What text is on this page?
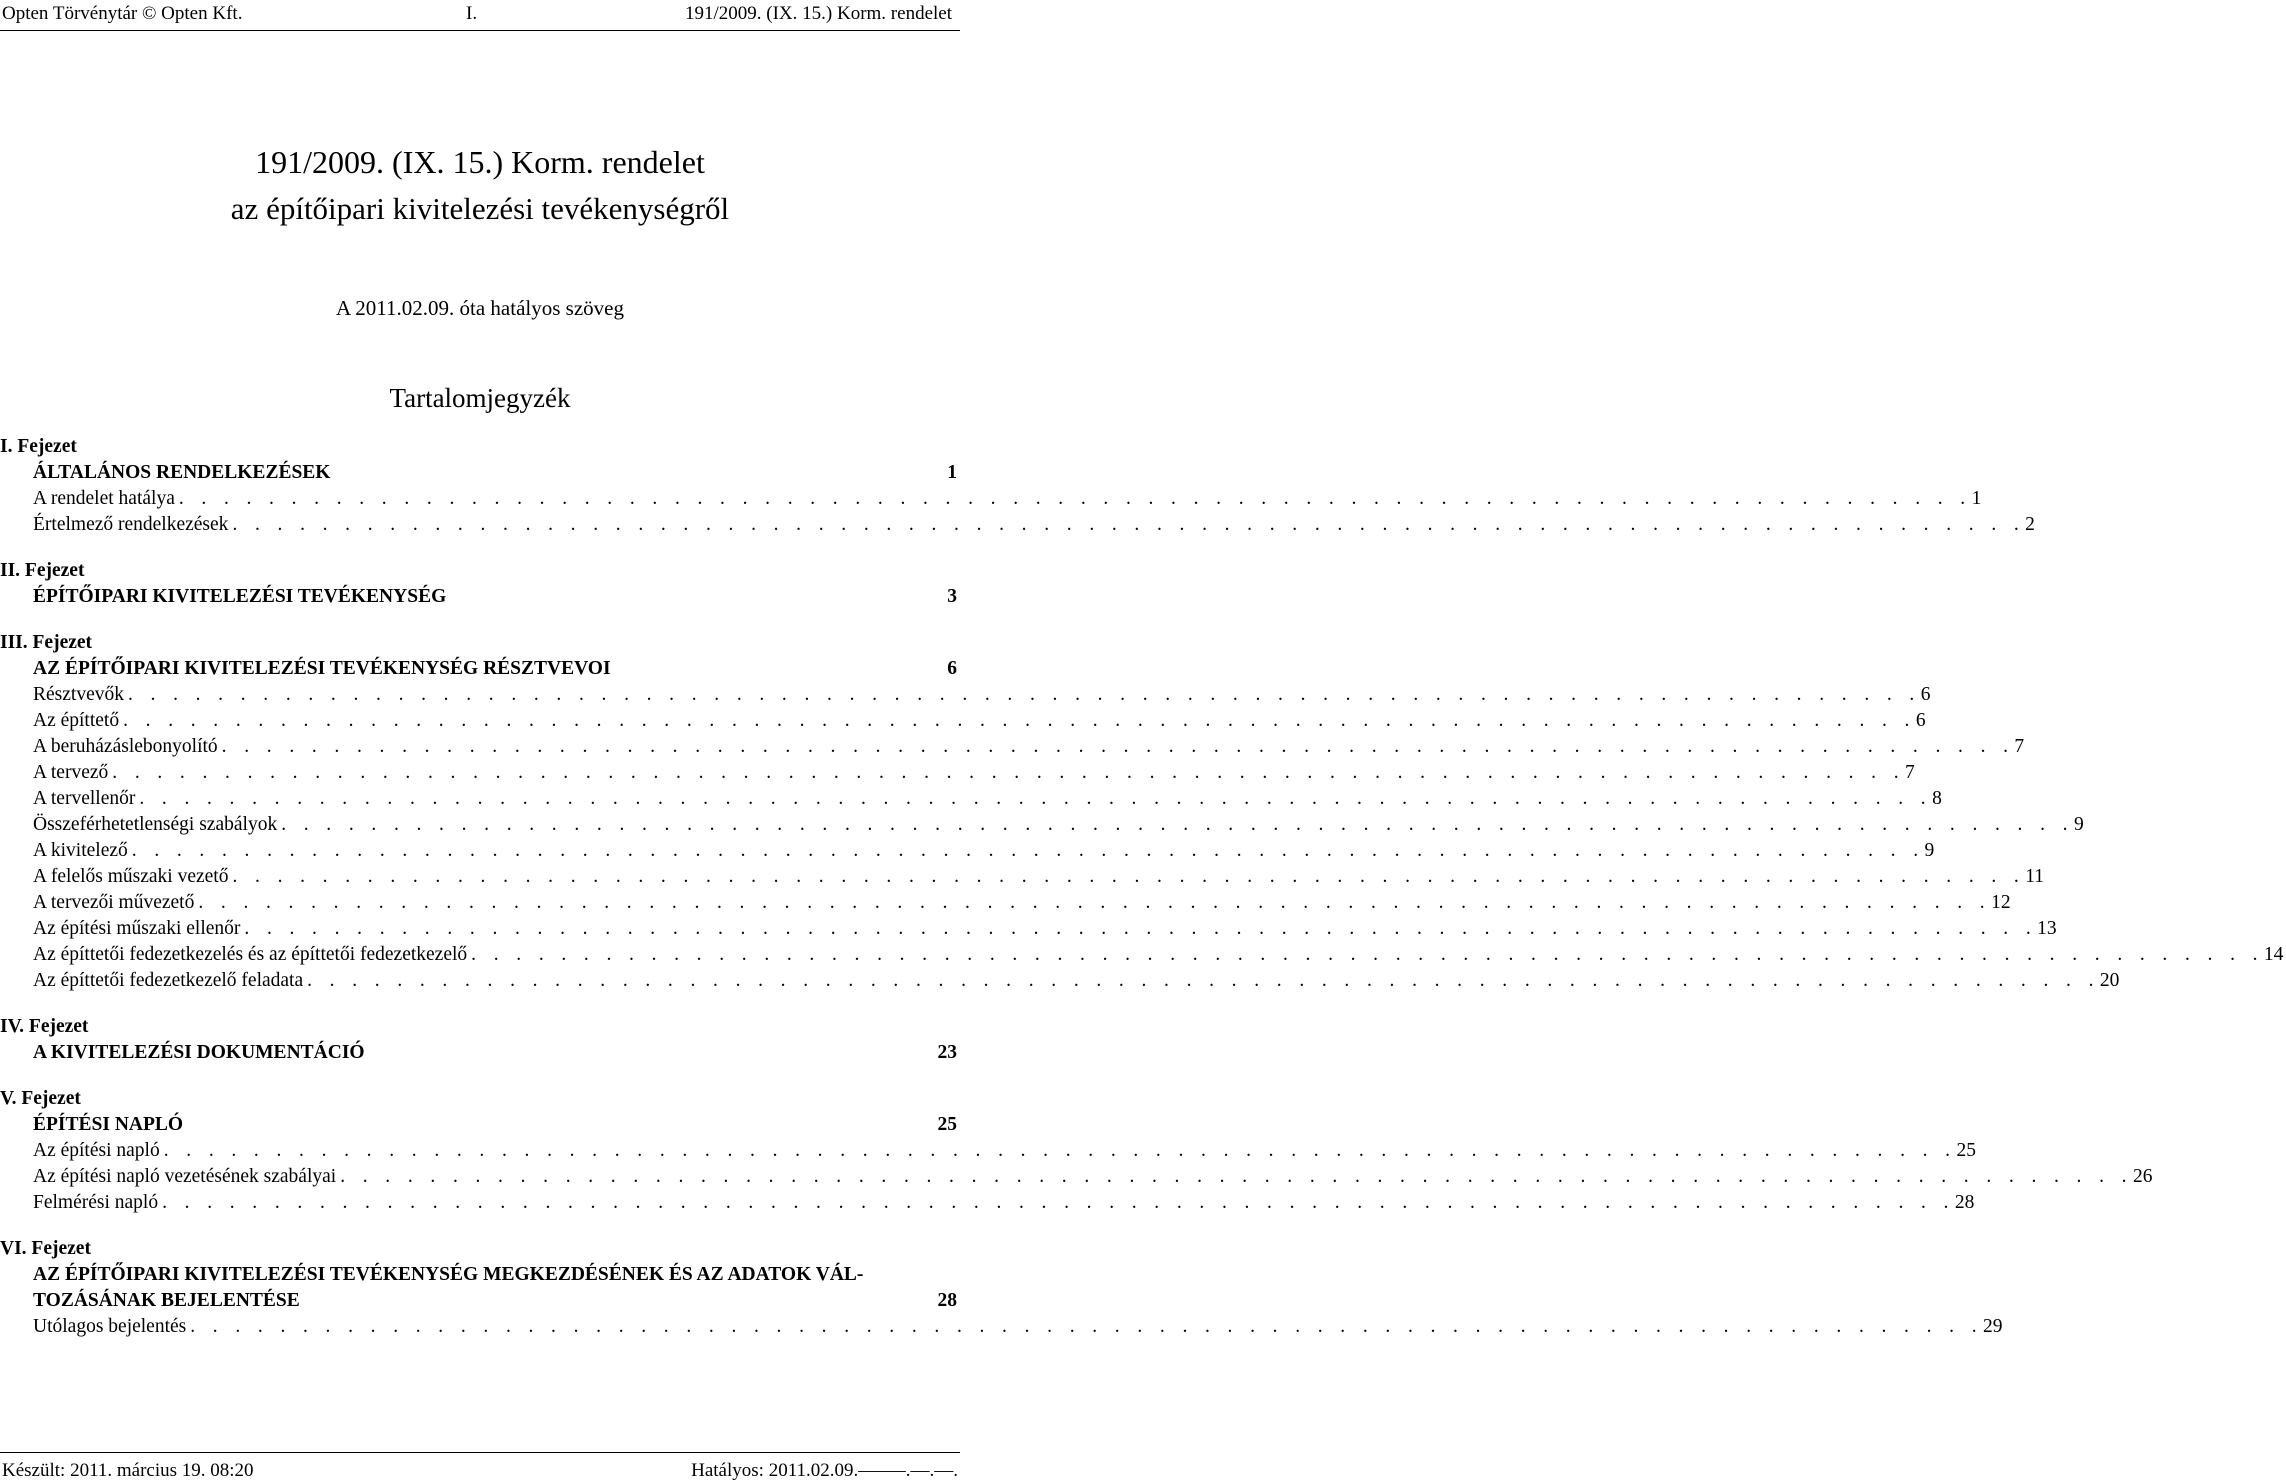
Opten Törvénytár © Opten Kft.	I.	191/2009. (IX. 15.) Korm. rendelet
191/2009. (IX. 15.) Korm. rendelet
az építőipari kivitelezési tevékenységről
A 2011.02.09. óta hatályos szöveg
Tartalomjegyzék
I. Fejezet
ÁLTALÁNOS RENDELKEZÉSEK	1
A rendelet hatálya . . . . . . . . . . . . . . . . . . . . . . . . . . . . . . . . . . . . . . . . . . . . . . . . . . . . . . . . . . . . . . . . . . . . . . . . . . . . . . . . 1
Értelmező rendelkezések . . . . . . . . . . . . . . . . . . . . . . . . . . . . . . . . . . . . . . . . . . . . . . . . . . . . . . . . . . . . . . . . . . . . . . . . . . . . . . . . 2
II. Fejezet
ÉPÍTŐIPARI KIVITELEZÉSI TEVÉKENYSÉG	3
III. Fejezet
AZ ÉPÍTŐIPARI KIVITELEZÉSI TEVÉKENYSÉG RÉSZTVEVOI	6
Résztvevők . . . . . . . . . . . . . . . . . . . . . . . . . . . . . . . . . . . . . . . . . . . . . . . . . . . . . . . . . . . . . . . . . . . . . . . . . . . . . . . . 6
Az építtető . . . . . . . . . . . . . . . . . . . . . . . . . . . . . . . . . . . . . . . . . . . . . . . . . . . . . . . . . . . . . . . . . . . . . . . . . . . . . . . . 6
A beruházáslebonyolító . . . . . . . . . . . . . . . . . . . . . . . . . . . . . . . . . . . . . . . . . . . . . . . . . . . . . . . . . . . . . . . . . . . . . . . . . . . . . . . . 7
A tervező . . . . . . . . . . . . . . . . . . . . . . . . . . . . . . . . . . . . . . . . . . . . . . . . . . . . . . . . . . . . . . . . . . . . . . . . . . . . . . . . 7
A tervellenőr . . . . . . . . . . . . . . . . . . . . . . . . . . . . . . . . . . . . . . . . . . . . . . . . . . . . . . . . . . . . . . . . . . . . . . . . . . . . . . . . 8
Összeférhetetlenségi szabályok . . . . . . . . . . . . . . . . . . . . . . . . . . . . . . . . . . . . . . . . . . . . . . . . . . . . . . . . . . . . . . . . . . . . . . . . . . . . . . . . 9
A kivitelező . . . . . . . . . . . . . . . . . . . . . . . . . . . . . . . . . . . . . . . . . . . . . . . . . . . . . . . . . . . . . . . . . . . . . . . . . . . . . . . . 9
A felelős műszaki vezető . . . . . . . . . . . . . . . . . . . . . . . . . . . . . . . . . . . . . . . . . . . . . . . . . . . . . . . . . . . . . . . . . . . . . . . . . . . . . . . . 11
A tervezői művezető . . . . . . . . . . . . . . . . . . . . . . . . . . . . . . . . . . . . . . . . . . . . . . . . . . . . . . . . . . . . . . . . . . . . . . . . . . . . . . . . 12
Az építési műszaki ellenőr . . . . . . . . . . . . . . . . . . . . . . . . . . . . . . . . . . . . . . . . . . . . . . . . . . . . . . . . . . . . . . . . . . . . . . . . . . . . . . . . 13
Az építtetői fedezetkezelés és az építtetői fedezetkezelő . . . . . . . . . . . . . . . . . . . . . . . . . . . . . . . . . . . . . . . . . . . . . . . . . . . . . . . . . . . . . . . . . . . . . . . . . . . . . . . . 14
Az építtetői fedezetkezelő feladata . . . . . . . . . . . . . . . . . . . . . . . . . . . . . . . . . . . . . . . . . . . . . . . . . . . . . . . . . . . . . . . . . . . . . . . . . . . . . . . . 20
IV. Fejezet
A KIVITELEZÉSI DOKUMENTÁCIÓ	23
V. Fejezet
ÉPÍTÉSI NAPLÓ	25
Az építési napló . . . . . . . . . . . . . . . . . . . . . . . . . . . . . . . . . . . . . . . . . . . . . . . . . . . . . . . . . . . . . . . . . . . . . . . . . . . . . . . . 25
Az építési napló vezetésének szabályai . . . . . . . . . . . . . . . . . . . . . . . . . . . . . . . . . . . . . . . . . . . . . . . . . . . . . . . . . . . . . . . . . . . . . . . . . . . . . . . . 26
Felmérési napló . . . . . . . . . . . . . . . . . . . . . . . . . . . . . . . . . . . . . . . . . . . . . . . . . . . . . . . . . . . . . . . . . . . . . . . . . . . . . . . . 28
VI. Fejezet
AZ ÉPÍTŐIPARI KIVITELEZÉSI TEVÉKENYSÉG MEGKEZDÉSÉNEK ÉS AZ ADATOK VÁL-
TOZÁSÁNAK BEJELENTÉSE	28
Utólagos bejelentés . . . . . . . . . . . . . . . . . . . . . . . . . . . . . . . . . . . . . . . . . . . . . . . . . . . . . . . . . . . . . . . . . . . . . . . . . . . . . . . . 29
Készült: 2011. március 19. 08:20	Hatályos: 2011.02.09.–––––.––.––.
